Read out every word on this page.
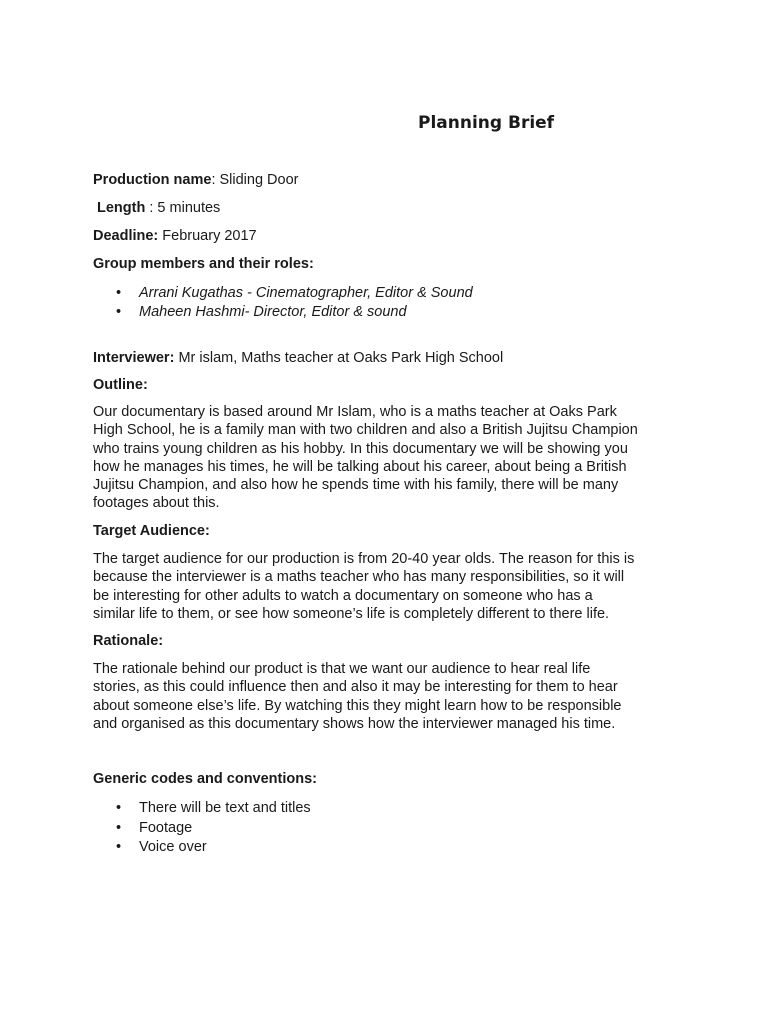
Planning Brief

Production name: Sliding Door

Length : 5 minutes

Deadline: February 2017

Group members and their roles:

• Arrani Kugathas - Cinematographer, Editor & Sound
• Maheen Hashmi- Director, Editor & sound

Interviewer: Mr islam, Maths teacher at Oaks Park High School

Outline:

Our documentary is based around Mr Islam, who is a maths teacher at Oaks Park
High School, he is a family man with two children and also a British Jujitsu Champion
who trains young children as his hobby. In this documentary we will be showing you
how he manages his times, he will be talking about his career, about being a British
Jujitsu Champion, and also how he spends time with his family, there will be many
footages about this.

Target Audience:

The target audience for our production is from 20-40 year olds. The reason for this is
because the interviewer is a maths teacher who has many responsibilities, so it will
be interesting for other adults to watch a documentary on someone who has a
similar life to them, or see how someone’s life is completely different to there life.

Rationale:

The rationale behind our product is that we want our audience to hear real life
stories, as this could influence then and also it may be interesting for them to hear
about someone else’s life. By watching this they might learn how to be responsible
and organised as this documentary shows how the interviewer managed his time.

Generic codes and conventions:

• There will be text and titles
• Footage
• Voice over
